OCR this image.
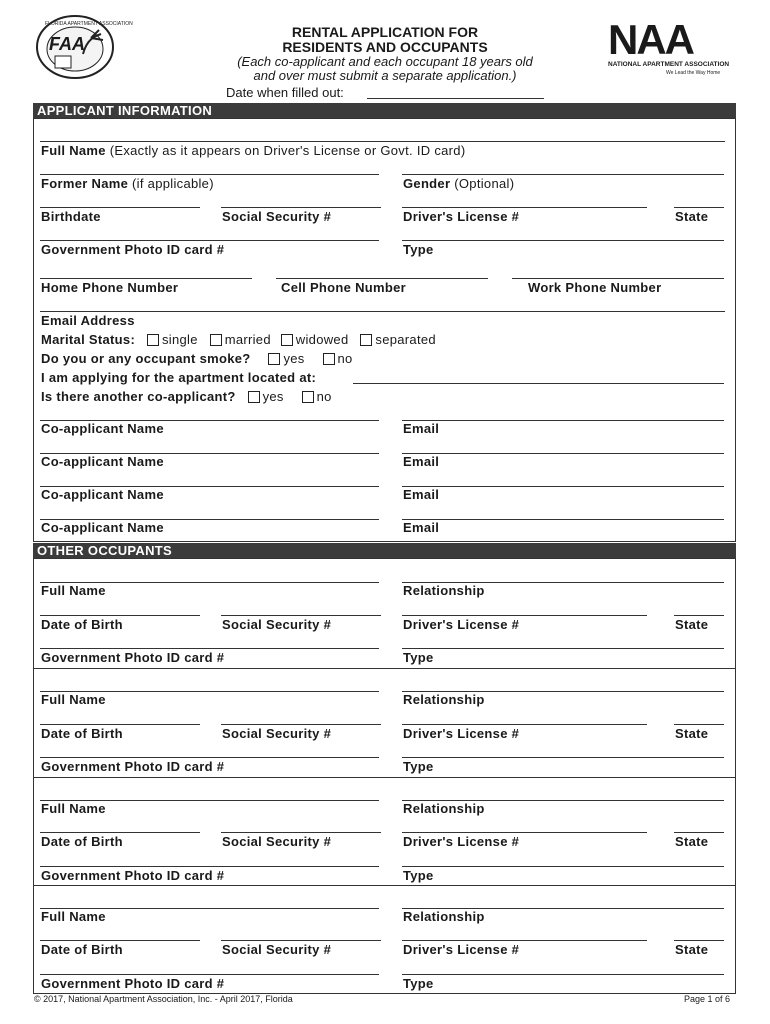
FLORIDA APARTMENT ASSOCIATION
FAA
RENTAL APPLICATION FOR
RESIDENTS AND OCCUPANTS
(Each co-applicant and each occupant 18 years old
and over must submit a separate application.)
Date when filled out:
NAA
NATIONAL APARTMENT ASSOCIATION
We Lead the Way Home
APPLICANT INFORMATION
Full Name (Exactly as it appears on Driver's License or Govt. ID card)
Former Name (if applicable)	Gender (Optional)
Birthdate	Social Security #	Driver's License #	State
Government Photo ID card #	Type
Home Phone Number	Cell Phone Number	Work Phone Number
Email Address
Marital Status: single married widowed separated
Do you or any occupant smoke?	yes	no
I am applying for the apartment located at:
Is there another co-applicant? yes	no
Co-applicant Name	Email
Co-applicant Name	Email
Co-applicant Name	Email
Co-applicant Name	Email
OTHER OCCUPANTS
Full Name	Relationship
Date of Birth	Social Security #	Driver's License #	State
Government Photo ID card #	Type
Full Name	Relationship
Date of Birth	Social Security #	Driver's License #	State
Government Photo ID card #	Type
Full Name	Relationship
Date of Birth	Social Security #	Driver's License #	State
Government Photo ID card #	Type
Full Name	Relationship
Date of Birth	Social Security #	Driver's License #	State
Government Photo ID card #	Type
© 2017, National Apartment Association, Inc. - April 2017, Florida	Page 1 of 6
